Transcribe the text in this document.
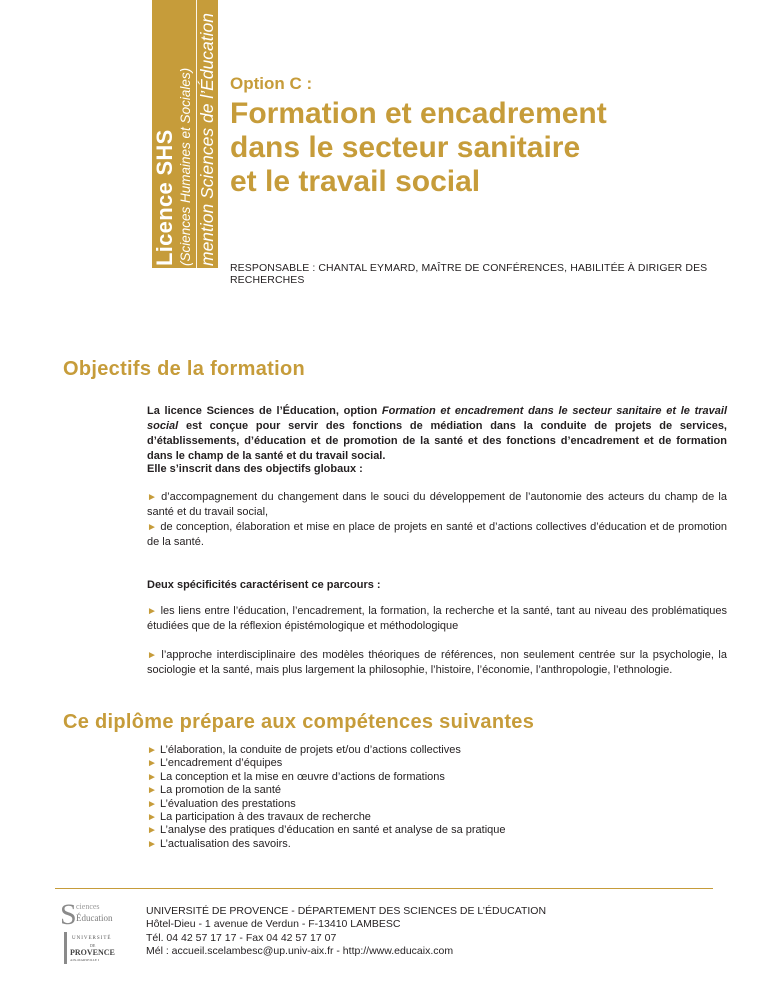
Licence SHS (Sciences Humaines et Sociales) mention Sciences de l’Éducation Option C :
Formation et encadrement
dans le secteur sanitaire
et le travail social
RESPONSABLE : CHANTAL EYMARD, MAÎTRE DE CONFÉRENCES, HABILITÉE À DIRIGER DES RECHERCHES
Objectifs de la formation
La licence Sciences de l’Éducation, option Formation et encadrement dans le secteur sanitaire et le travail social est conçue pour servir des fonctions de médiation dans la conduite de projets de services, d’établissements, d’éducation et de promotion de la santé et des fonctions d’encadrement et de formation dans le champ de la santé et du travail social.
Elle s’inscrit dans des objectifs globaux :
► d’accompagnement du changement dans le souci du développement de l’autonomie des acteurs du champ de la santé et du travail social,
► de conception, élaboration et mise en place de projets en santé et d’actions collectives d’éducation et de promotion de la santé.
Deux spécificités caractérisent ce parcours :
► les liens entre l’éducation, l’encadrement, la formation, la recherche et la santé, tant au niveau des problématiques étudiées que de la réflexion épistémologique et méthodologique
► l’approche interdisciplinaire des modèles théoriques de références, non seulement centrée sur la psychologie, la sociologie et la santé, mais plus largement la philosophie, l’histoire, l’économie, l’anthropologie, l’ethnologie.
Ce diplôme prépare aux compétences suivantes
► L’élaboration, la conduite de projets et/ou d’actions collectives
► L’encadrement d’équipes
► La conception et la mise en œuvre d’actions de formations
► La promotion de la santé
► L’évaluation des prestations
► La participation à des travaux de recherche
► L’analyse des pratiques d’éducation en santé et analyse de sa pratique
► L’actualisation des savoirs.
S ciences
Éducation
UNIVERSITÉ
DE
PROVENCE
AIX-MARSEILLE I
UNIVERSITÉ DE PROVENCE - DÉPARTEMENT DES SCIENCES DE L’ÉDUCATION
Hôtel-Dieu - 1 avenue de Verdun - F-13410 LAMBESC
Tél. 04 42 57 17 17 - Fax 04 42 57 17 07
Mél : accueil.scelambesc@up.univ-aix.fr - http://www.educaix.com
